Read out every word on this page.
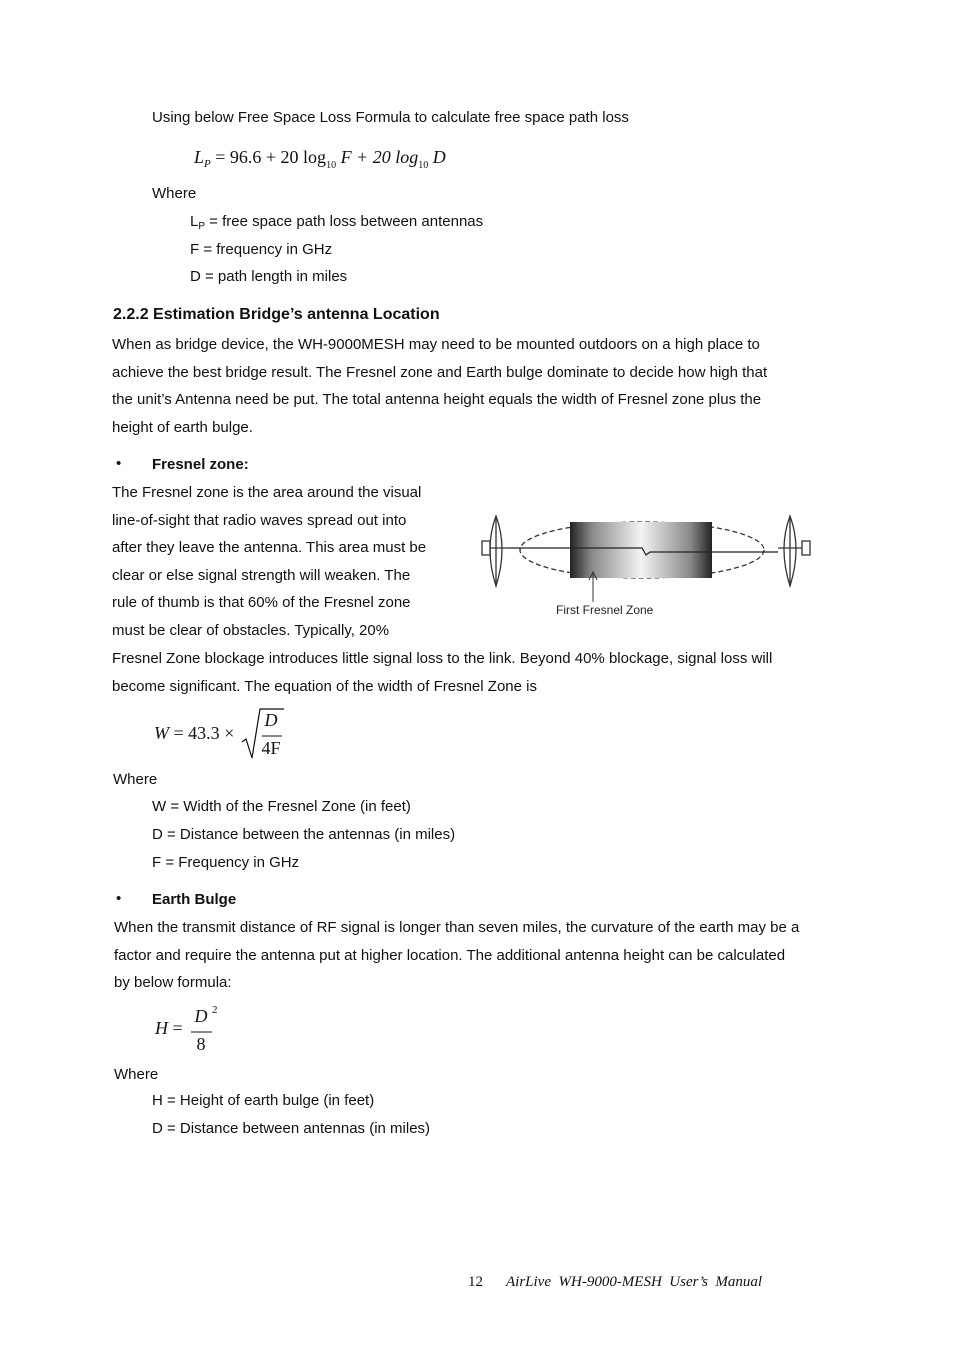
Using below Free Space Loss Formula to calculate free space path loss
$L_P = 96.6 + 20$ $\log_{10} F + 20$ $\log_{10} D$
Where
$L_P$ = free space path loss between antennas
F = frequency in GHz
D = path length in miles
2.2.2 Estimation Bridge’s antenna Location
When as bridge device, the WH-9000MESH may need to be mounted outdoors on a high place to
achieve the best bridge result. The Fresnel zone and Earth bulge dominate to decide how high that
the unit’s Antenna need be put. The total antenna height equals the width of Fresnel zone plus the
height of earth bulge.
• Fresnel zone:
The Fresnel zone is the area around the visual
line-of-sight that radio waves spread out into
after they leave the antenna. This area must be
clear or else signal strength will weaken. The
rule of thumb is that 60% of the Fresnel zone
must be clear of obstacles. Typically, 20%
First Fresnel Zone
Fresnel Zone blockage introduces little signal loss to the link. Beyond 40% blockage, signal loss will
become significant. The equation of the width of Fresnel Zone is
W = 43.3 ×
D
4F
Where
W = Width of the Fresnel Zone (in feet)
D = Distance between the antennas (in miles)
F = Frequency in GHz
• Earth Bulge
When the transmit distance of RF signal is longer than seven miles, the curvature of the earth may be a
factor and require the antenna put at higher location. The additional antenna height can be calculated
by below formula:
H =
D 2
8
Where
H = Height of earth bulge (in feet)
D = Distance between antennas (in miles)
12 AirLive  WH-9000-MESH  User’s  Manual
